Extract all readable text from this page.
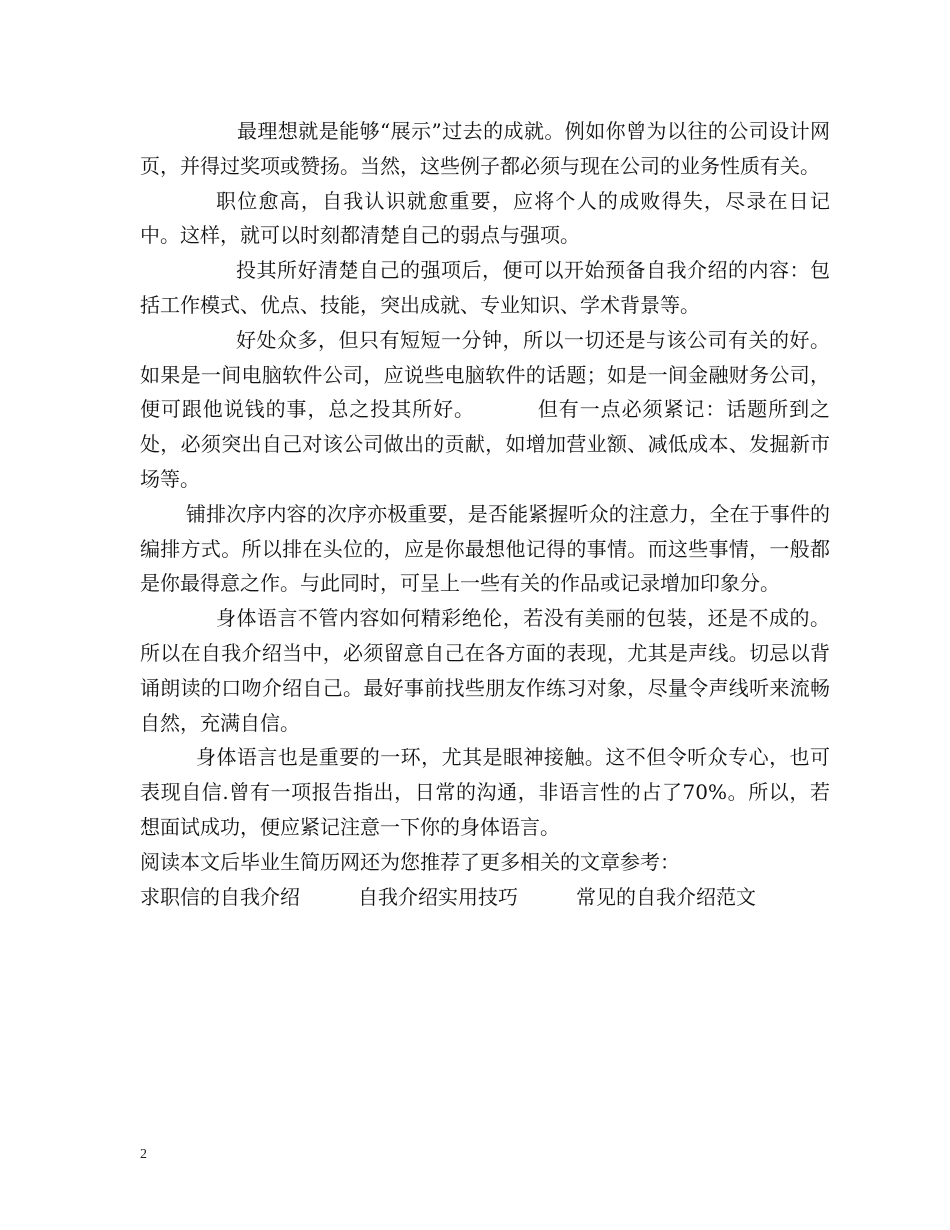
最理想就是能够“展示”过去的成就。例如你曾为以往的公司设计网页，并得过奖项或赞扬。当然，这些例子都必须与现在公司的业务性质有关。

职位愈高，自我认识就愈重要，应将个人的成败得失，尽录在日记中。这样，就可以时刻都清楚自己的弱点与强项。

投其所好清楚自己的强项后，便可以开始预备自我介绍的内容：包括工作模式、优点、技能，突出成就、专业知识、学术背景等。

好处众多，但只有短短一分钟，所以一切还是与该公司有关的好。如果是一间电脑软件公司，应说些电脑软件的话题；如是一间金融财务公司，便可跟他说钱的事，总之投其所好。	但有一点必须紧记：话题所到之处，必须突出自己对该公司做出的贡献，如增加营业额、减低成本、发掘新市场等。

铺排次序内容的次序亦极重要，是否能紧握听众的注意力，全在于事件的编排方式。所以排在头位的，应是你最想他记得的事情。而这些事情，一般都是你最得意之作。与此同时，可呈上一些有关的作品或记录增加印象分。

身体语言不管内容如何精彩绝伦，若没有美丽的包装，还是不成的。所以在自我介绍当中，必须留意自己在各方面的表现，尤其是声线。切忌以背诵朗读的口吻介绍自己。最好事前找些朋友作练习对象，尽量令声线听来流畅自然，充满自信。

身体语言也是重要的一环，尤其是眼神接触。这不但令听众专心，也可表现自信.曾有一项报告指出，日常的沟通，非语言性的占了70%。所以，若想面试成功，便应紧记注意一下你的身体语言。

阅读本文后毕业生简历网还为您推荐了更多相关的文章参考：

求职信的自我介绍	自我介绍实用技巧	常见的自我介绍范文
2
